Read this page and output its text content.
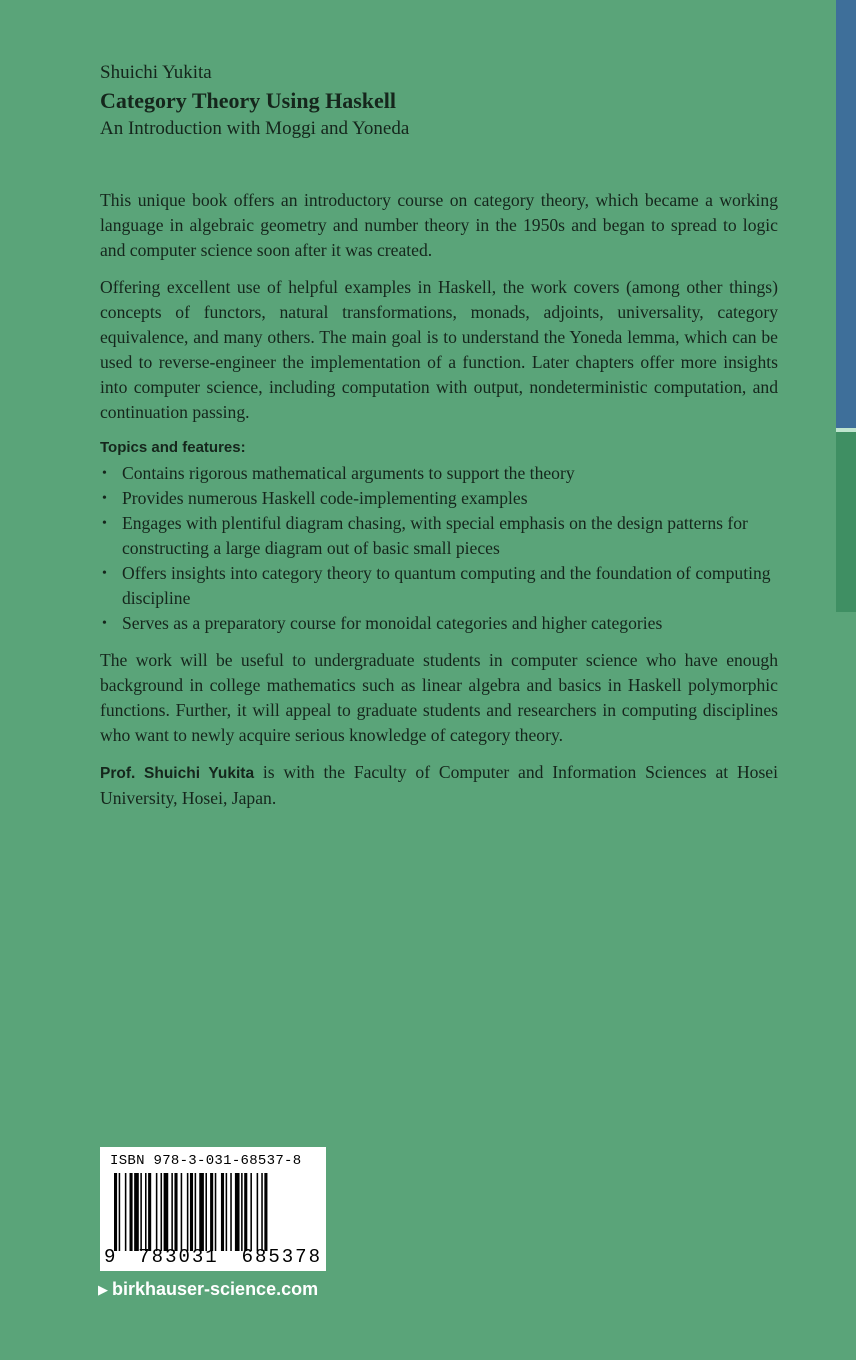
Shuichi Yukita

Category Theory Using Haskell

An Introduction with Moggi and Yoneda

This unique book offers an introductory course on category theory, which became a working language in algebraic geometry and number theory in the 1950s and began to spread to logic and computer science soon after it was created.

Offering excellent use of helpful examples in Haskell, the work covers (among other things) concepts of functors, natural transformations, monads, adjoints, universality, category equivalence, and many others. The main goal is to understand the Yoneda lemma, which can be used to reverse-engineer the implementation of a function. Later chapters offer more insights into computer science, including computation with output, nondeterministic computation, and continuation passing.

Topics and features:
• Contains rigorous mathematical arguments to support the theory
• Provides numerous Haskell code-implementing examples
• Engages with plentiful diagram chasing, with special emphasis on the design patterns for constructing a large diagram out of basic small pieces
• Offers insights into category theory to quantum computing and the foundation of computing discipline
• Serves as a preparatory course for monoidal categories and higher categories

The work will be useful to undergraduate students in computer science who have enough background in college mathematics such as linear algebra and basics in Haskell polymorphic functions. Further, it will appeal to graduate students and researchers in computing disciplines who want to newly acquire serious knowledge of category theory.

Prof. Shuichi Yukita is with the Faculty of Computer and Information Sciences at Hosei University, Hosei, Japan.

ISBN 978-3-031-68537-8
9 783031 685378
▶ birkhauser-science.com
